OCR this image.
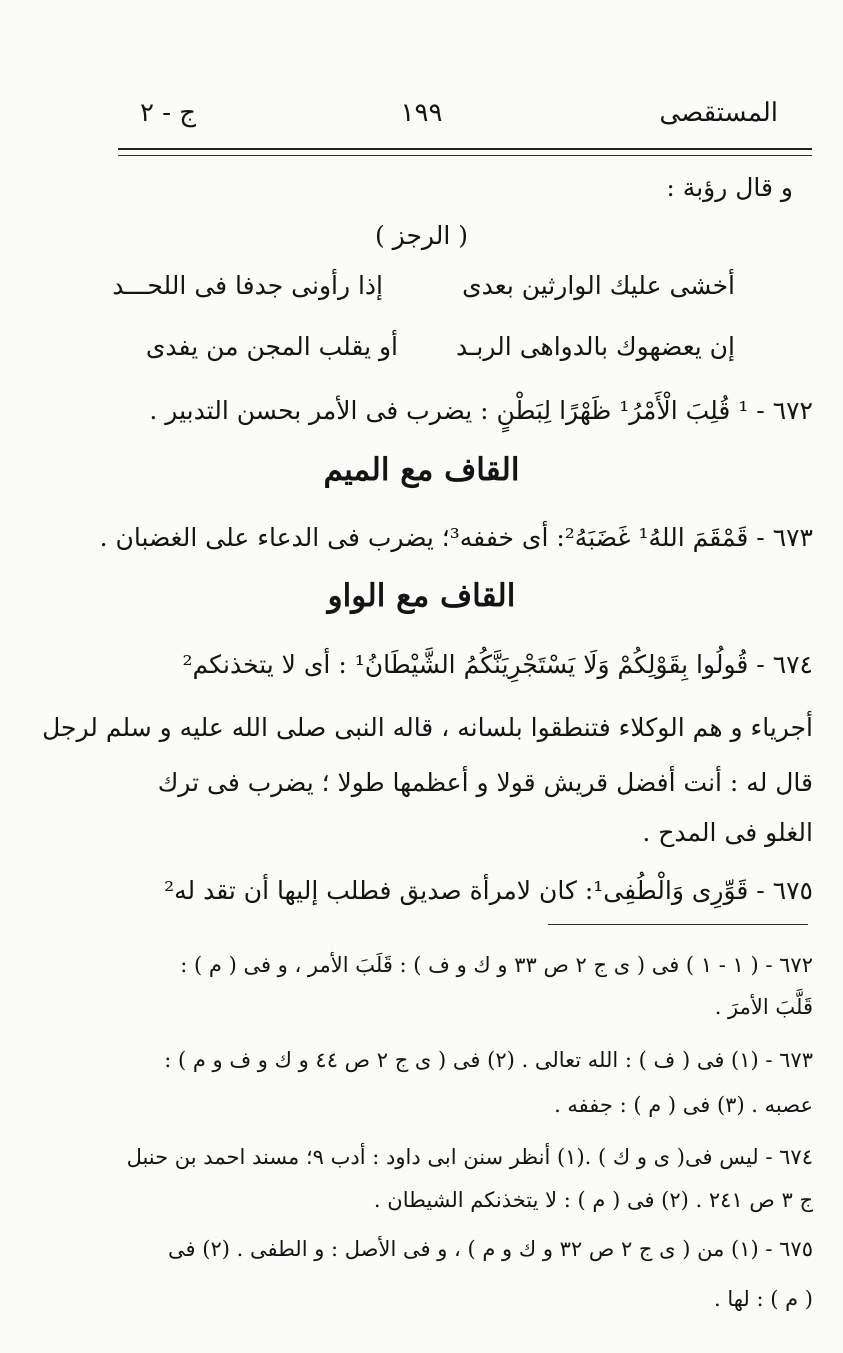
المستقصى
١٩٩
ج - ٢
و قال رؤبة :
( الرجز )
أخشى عليك الوارثين بعدى
إذا رأونى جدفا فى اللحـــد
إن يعضهوك بالدواهى الربـد
أو يقلب المجن من يفدى
٦٧٢ - ¹ قُلِبَ الْأَمْرُ¹ ظَهْرًا لِبَطْنٍ : يضرب فى الأمر بحسن التدبير .
القاف مع الميم
٦٧٣ - قَمْقَمَ اللهُ¹ غَضَبَهُ²: أى خففه³؛ يضرب فى الدعاء على الغضبان .
القاف مع الواو
٦٧٤ - قُولُوا بِقَوْلِكُمْ وَلَا يَسْتَجْرِيَنَّكُمُ الشَّيْطَانُ¹ : أى لا يتخذنكم²
أجرياء و هم الوكلاء فتنطقوا بلسانه ، قاله النبى صلى الله عليه و سلم لرجل
قال له : أنت أفضل قريش قولا و أعظمها طولا ؛ يضرب فى ترك
الغلو فى المدح .
٦٧٥ - قَوِّرِى وَالْطُفِى¹: كان لامرأة صديق فطلب إليها أن تقد له²
٦٧٢ - ( ١ - ١ ) فى ( ى ج ٢ ص ٣٣ و ك و ف ) : قَلَبَ الأمر ، و فى ( م ) :
قَلَّبَ الأمرَ .
٦٧٣ - (١) فى ( ف ) : الله تعالى . (٢) فى ( ى ج ٢ ص ٤٤ و ك و ف و م ) :
عصبه . (٣) فى ( م ) : جففه .
٦٧٤ - ليس فى( ى و ك ) .(١) أنظر سنن ابى داود : أدب ٩؛ مسند احمد بن حنبل
ج ٣ ص ٢٤١ . (٢) فى ( م ) : لا يتخذنكم الشيطان .
٦٧٥ - (١) من ( ى ج ٢ ص ٣٢ و ك و م ) ، و فى الأصل : و الطفى . (٢) فى
( م ) : لها .
